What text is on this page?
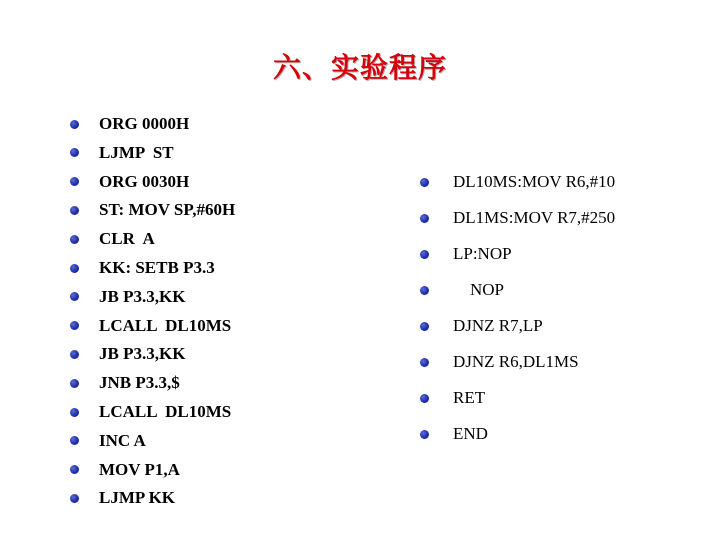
六、实验程序
ORG 0000H
LJMP  ST
ORG 0030H
ST: MOV SP,#60H
CLR  A
KK: SETB P3.3
JB P3.3,KK
LCALL  DL10MS
JB P3.3,KK
JNB P3.3,$
LCALL  DL10MS
INC A
MOV P1,A
LJMP KK
DL10MS:MOV R6,#10
DL1MS:MOV R7,#250
LP:NOP
NOP
DJNZ R7,LP
DJNZ R6,DL1MS
RET
END
